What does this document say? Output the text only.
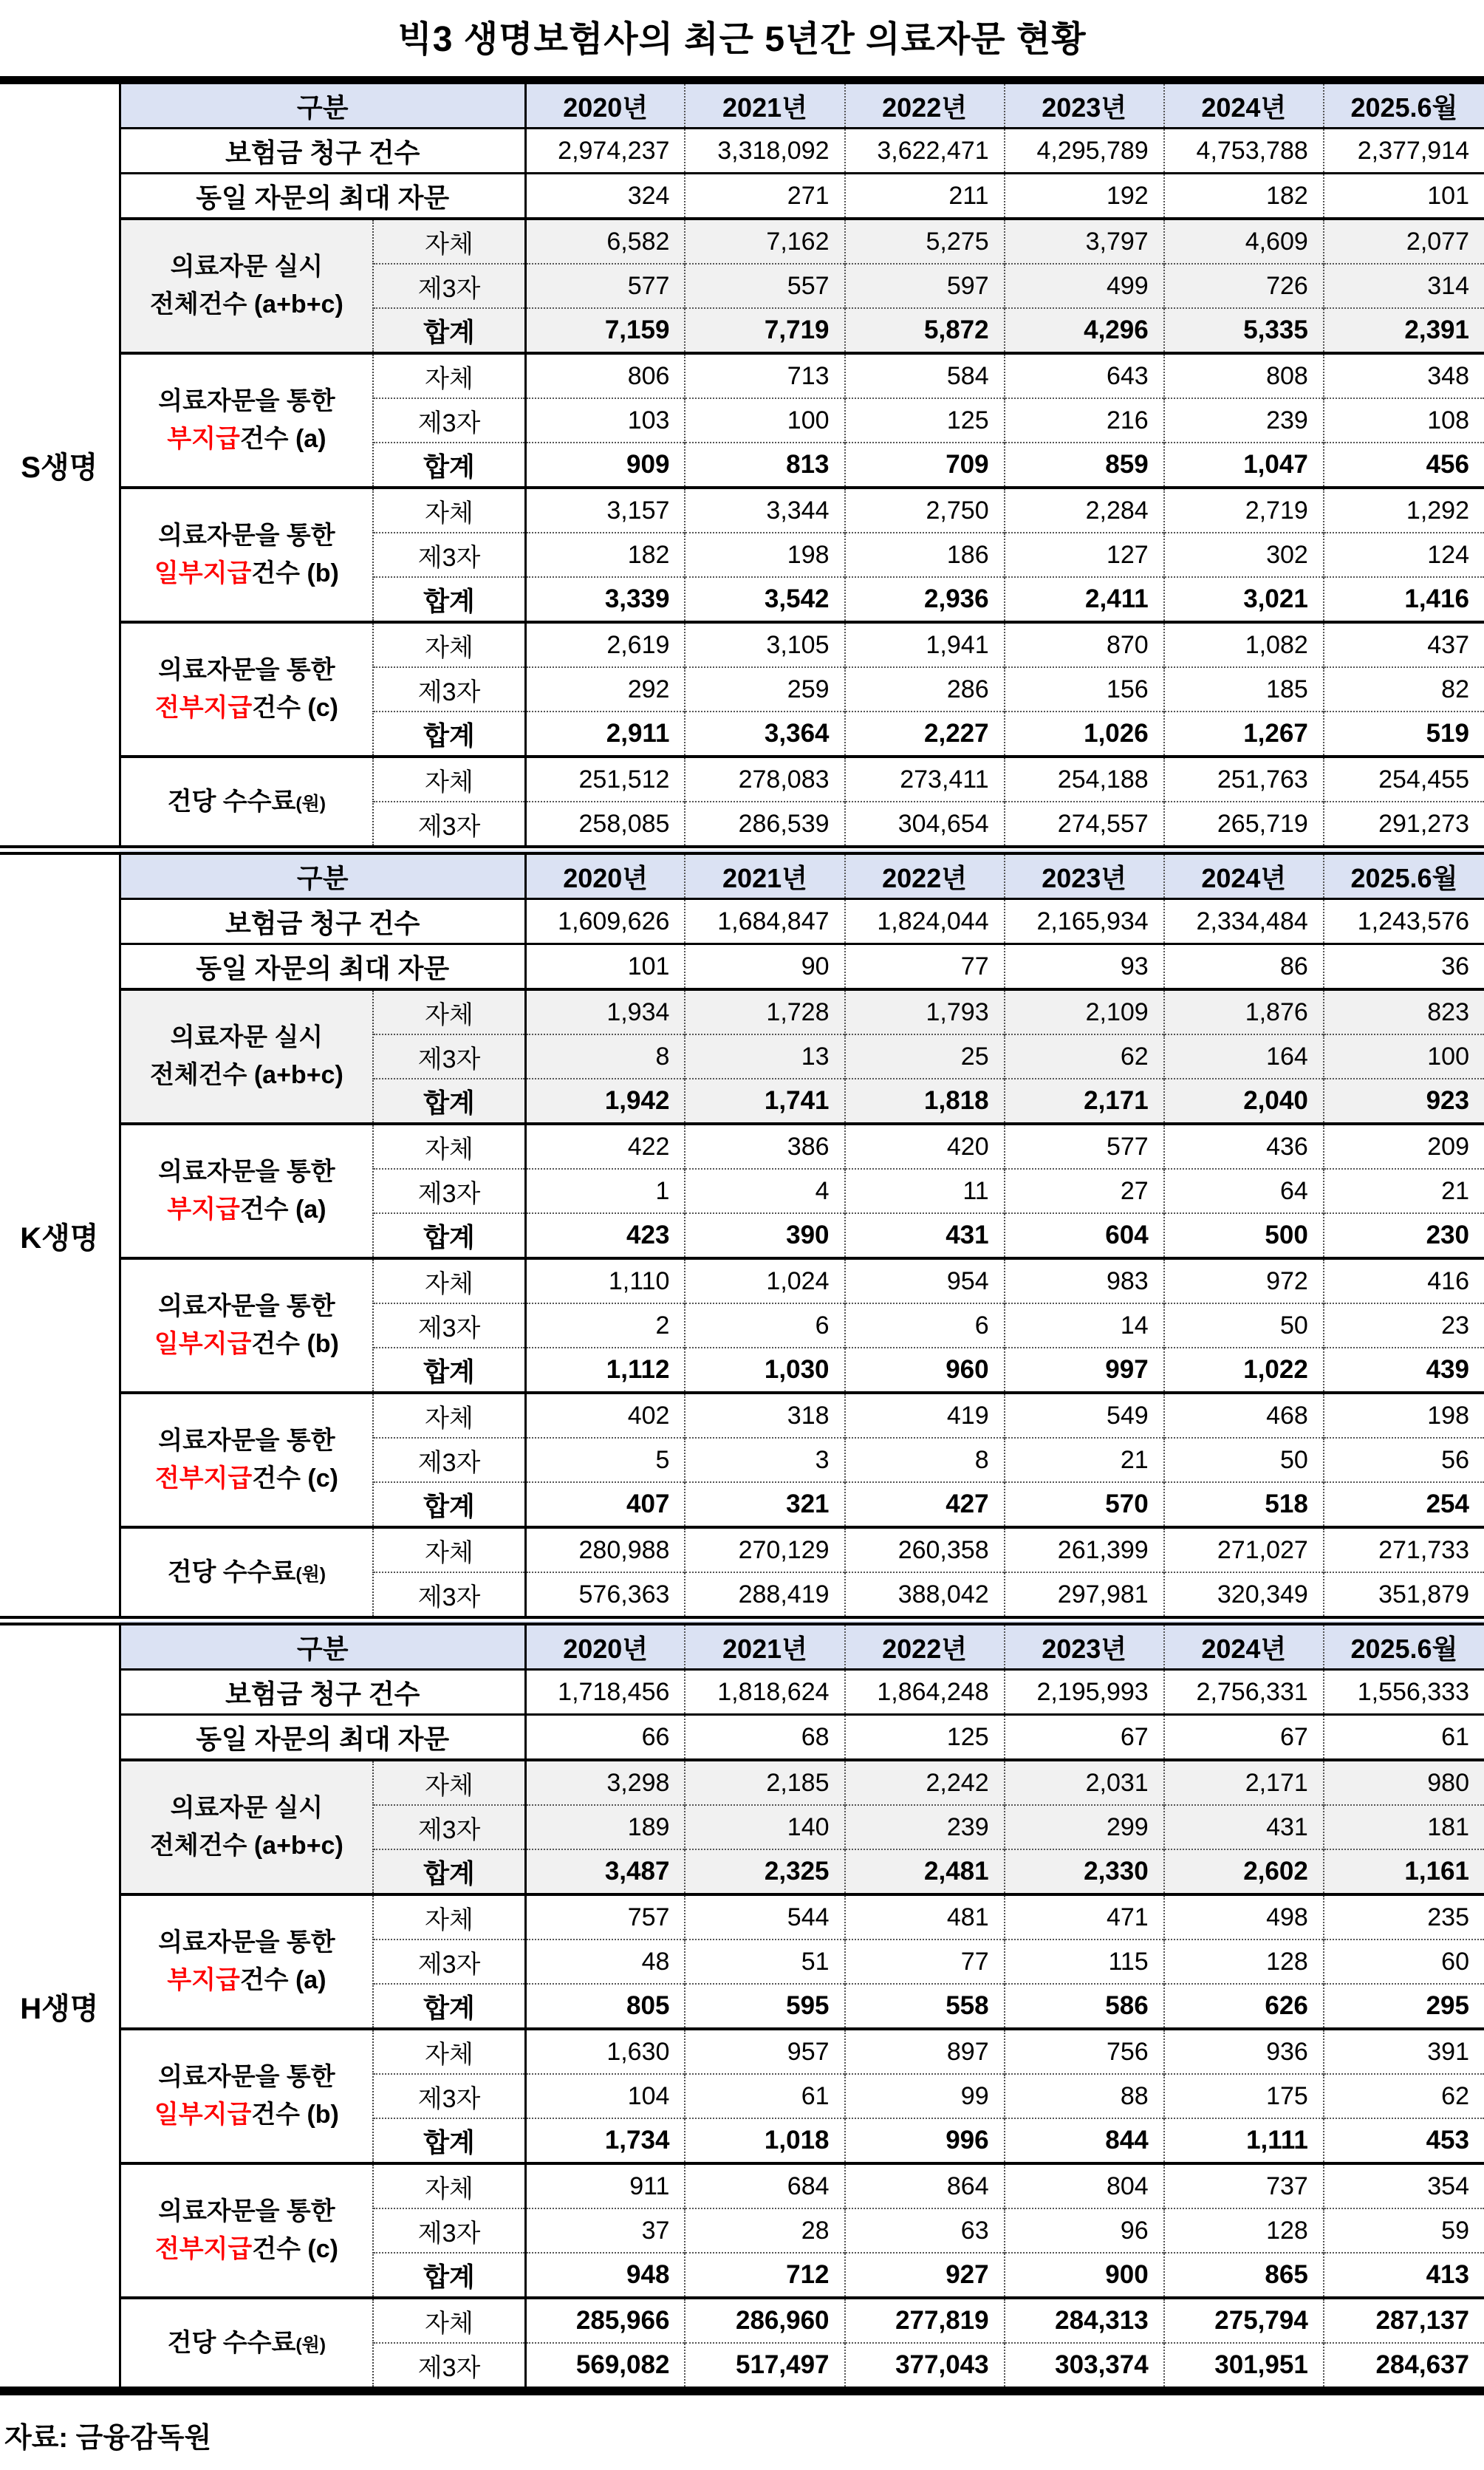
빅3 생명보험사의 최근 5년간 의료자문 현황
S생명	구분		2020년	2021년	2022년	2023년	2024년	2025.6월
	보험금 청구 건수		2,974,237	3,318,092	3,622,471	4,295,789	4,753,788	2,377,914
	동일 자문의 최대 자문		324	271	211	192	182	101

	의료자문 실시
전체건수 (a+b+c)	자체	6,582	7,162	5,275	3,797	4,609	2,077
		제3자	577	557	597	499	726	314
		합계	7,159	7,719	5,872	4,296	5,335	2,391

	의료자문을 통한
부지급건수 (a)	자체	806	713	584	643	808	348
		제3자	103	100	125	216	239	108
		합계	909	813	709	859	1,047	456

	의료자문을 통한
일부지급건수 (b)	자체	3,157	3,344	2,750	2,284	2,719	1,292
		제3자	182	198	186	127	302	124
		합계	3,339	3,542	2,936	2,411	3,021	1,416

	의료자문을 통한
전부지급건수 (c)	자체	2,619	3,105	1,941	870	1,082	437
		제3자	292	259	286	156	185	82
		합계	2,911	3,364	2,227	1,026	1,267	519
	건당 수수료(원)	자체	251,512	278,083	273,411	254,188	251,763	254,455
		제3자	258,085	286,539	304,654	274,557	265,719	291,273
K생명	구분		2020년	2021년	2022년	2023년	2024년	2025.6월
	보험금 청구 건수		1,609,626	1,684,847	1,824,044	2,165,934	2,334,484	1,243,576
	동일 자문의 최대 자문		101	90	77	93	86	36

	의료자문 실시
전체건수 (a+b+c)	자체	1,934	1,728	1,793	2,109	1,876	823
		제3자	8	13	25	62	164	100
		합계	1,942	1,741	1,818	2,171	2,040	923

	의료자문을 통한
부지급건수 (a)	자체	422	386	420	577	436	209
		제3자	1	4	11	27	64	21
		합계	423	390	431	604	500	230

	의료자문을 통한
일부지급건수 (b)	자체	1,110	1,024	954	983	972	416
		제3자	2	6	6	14	50	23
		합계	1,112	1,030	960	997	1,022	439

	의료자문을 통한
전부지급건수 (c)	자체	402	318	419	549	468	198
		제3자	5	3	8	21	50	56
		합계	407	321	427	570	518	254
	건당 수수료(원)	자체	280,988	270,129	260,358	261,399	271,027	271,733
		제3자	576,363	288,419	388,042	297,981	320,349	351,879
H생명	구분		2020년	2021년	2022년	2023년	2024년	2025.6월
	보험금 청구 건수		1,718,456	1,818,624	1,864,248	2,195,993	2,756,331	1,556,333
	동일 자문의 최대 자문		66	68	125	67	67	61

	의료자문 실시
전체건수 (a+b+c)	자체	3,298	2,185	2,242	2,031	2,171	980
		제3자	189	140	239	299	431	181
		합계	3,487	2,325	2,481	2,330	2,602	1,161

	의료자문을 통한
부지급건수 (a)	자체	757	544	481	471	498	235
		제3자	48	51	77	115	128	60
		합계	805	595	558	586	626	295

	의료자문을 통한
일부지급건수 (b)	자체	1,630	957	897	756	936	391
		제3자	104	61	99	88	175	62
		합계	1,734	1,018	996	844	1,111	453

	의료자문을 통한
전부지급건수 (c)	자체	911	684	864	804	737	354
		제3자	37	28	63	96	128	59
		합계	948	712	927	900	865	413
	건당 수수료(원)	자체	285,966	286,960	277,819	284,313	275,794	287,137
		제3자	569,082	517,497	377,043	303,374	301,951	284,637
자료: 금융감독원
